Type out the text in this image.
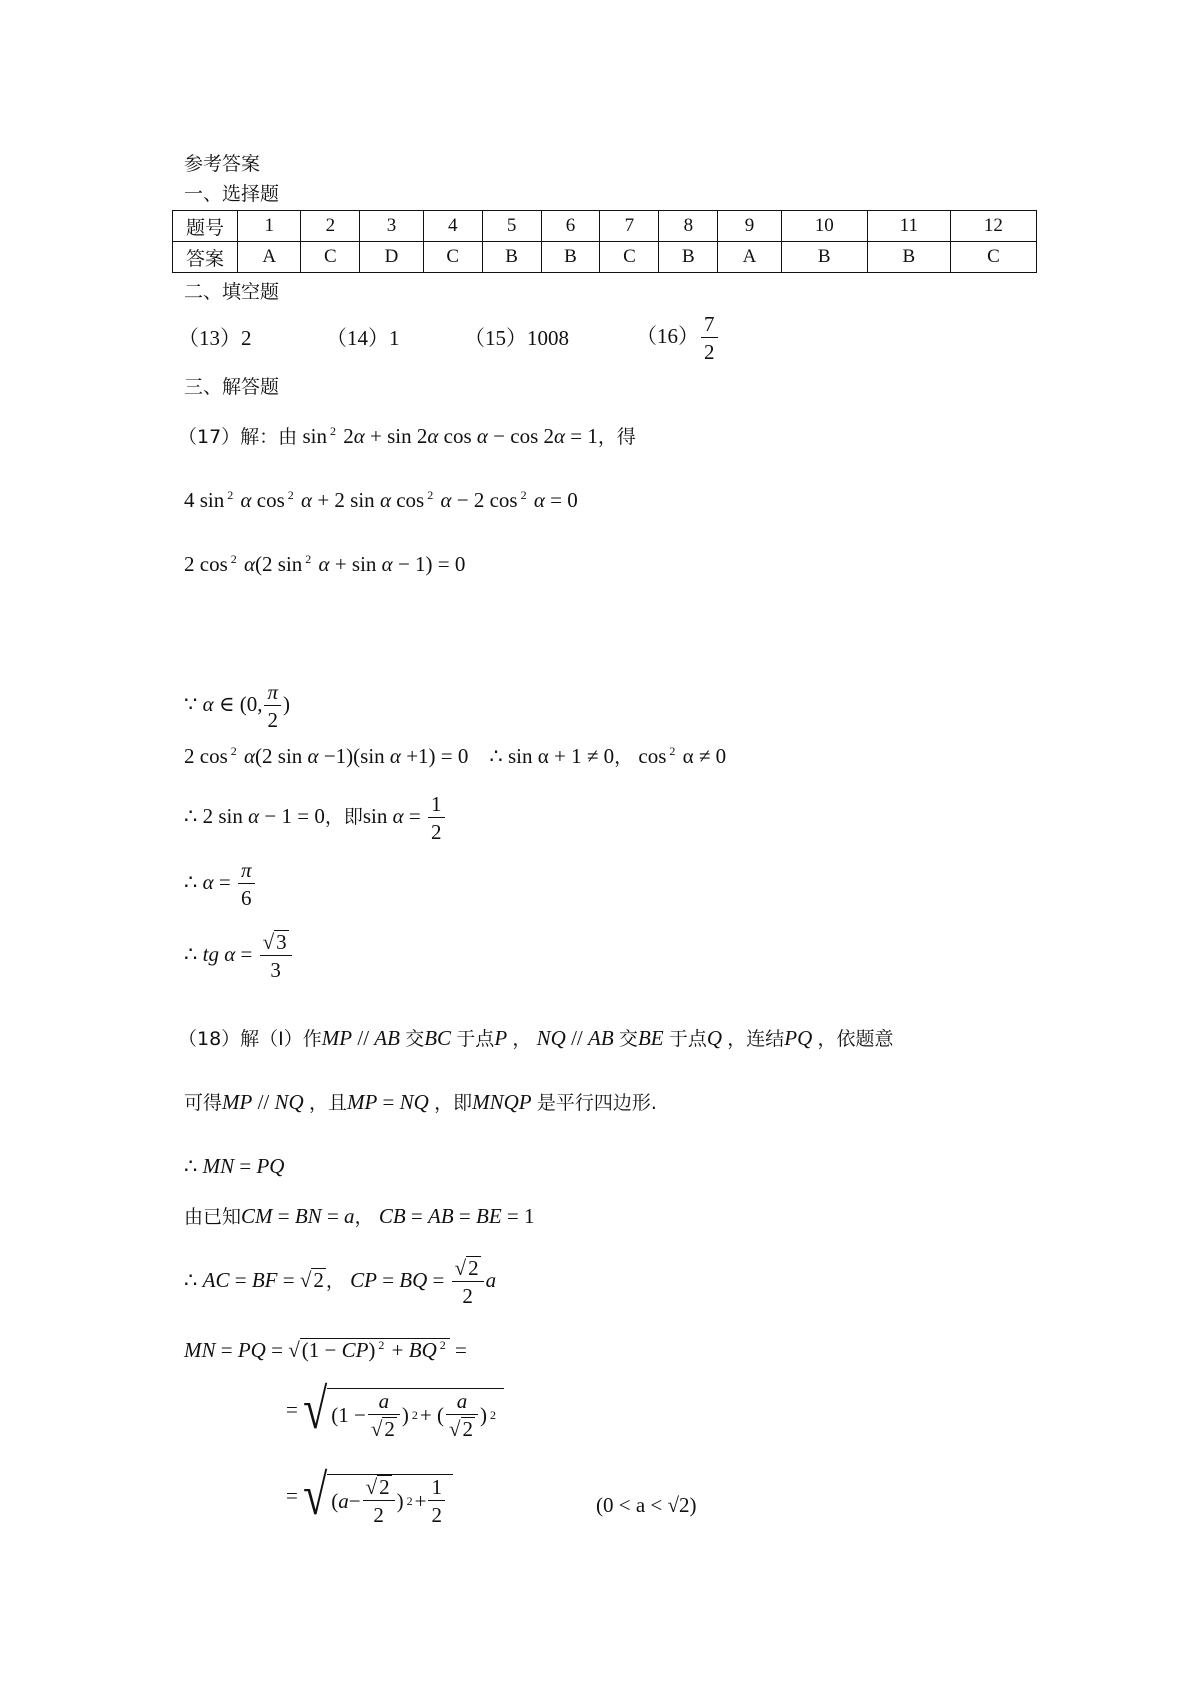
参考答案
一、选择题
题号	1	2	3	4	5	6	7	8	9	10	11	12
答案	A	C	D	C	B	B	C	B	A	B	B	C
二、填空题
（13）2	（14）1	（15）1008	$(16) \frac{7}{2}$
三、解答题
（17）解：由 sin $^2$ 2α + sin 2α cos α − cos 2α = 1，得
4 sin $^2$ α cos $^2$ α + 2 sin α cos $^2$ α − 2 cos $^2$ α = 0
2 cos $^2$ α(2 sin $^2$ α + sin α − 1) = 0
∵ α ∈ (0, $\frac{\pi}{2}$ )
2 cos $^2$ α(2 sin α −1)(sin α +1) = 0    ∴ sin α + 1 ≠ 0， cos $^2$ α ≠ 0
∴ 2 sin α − 1 = 0，即$\sin \alpha = \frac{1}{2}$
∴ $\alpha = \frac{\pi}{6}$
∴ tg $\alpha = \frac{√3}{3}$
（18）解（I）作MP // AB 交BC 于点P ， NQ // AB 交BE 于点Q ，连结PQ ，依题意
可得MP // NQ ，且MP = NQ ，即MNQP 是平行四边形.
∴ MN = PQ
由已知CM = BN = a， CB = AB = BE = 1
∴ AC = BF = √2 ， CP = BQ = $\frac{√2}{2}$ a
MN = PQ = √(1 − CP) $^2$ + BQ $^2$ =
= √ ($1 - \frac{a}{√2}$ ) 2 + ( $\frac{a}{√2}$ ) 2
= √ ( $a - \frac{√2}{2}$ ) $2 + \frac{1}{2}$	(0 < a < √2)
